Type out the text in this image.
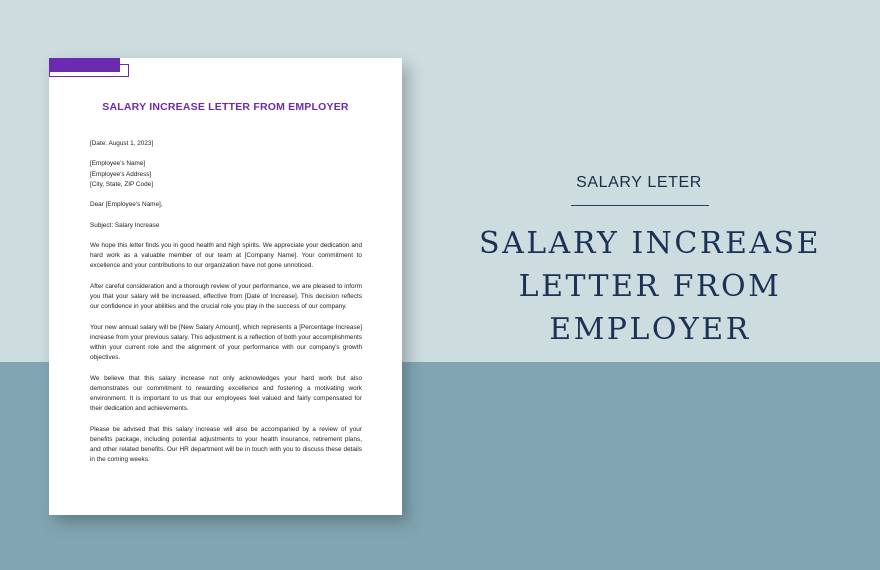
SALARY INCREASE LETTER FROM EMPLOYER

[Date: August 1, 2023]

[Employee's Name]
[Employee's Address]
[City, State, ZIP Code]

Dear [Employee's Name],

Subject: Salary Increase

We hope this letter finds you in good health and high spirits. We appreciate your dedication and hard work as a valuable member of our team at [Company Name]. Your commitment to excellence and your contributions to our organization have not gone unnoticed.

After careful consideration and a thorough review of your performance, we are pleased to inform you that your salary will be increased, effective from [Date of Increase]. This decision reflects our confidence in your abilities and the crucial role you play in the success of our company.

Your new annual salary will be [New Salary Amount], which represents a [Percentage Increase] increase from your previous salary. This adjustment is a reflection of both your accomplishments within your current role and the alignment of your performance with our company's growth objectives.

We believe that this salary increase not only acknowledges your hard work but also demonstrates our commitment to rewarding excellence and fostering a motivating work environment. It is important to us that our employees feel valued and fairly compensated for their dedication and achievements.

Please be advised that this salary increase will also be accompanied by a review of your benefits package, including potential adjustments to your health insurance, retirement plans, and other related benefits. Our HR department will be in touch with you to discuss these details in the coming weeks.

SALARY LETER
SALARY INCREASE
LETTER FROM
EMPLOYER
